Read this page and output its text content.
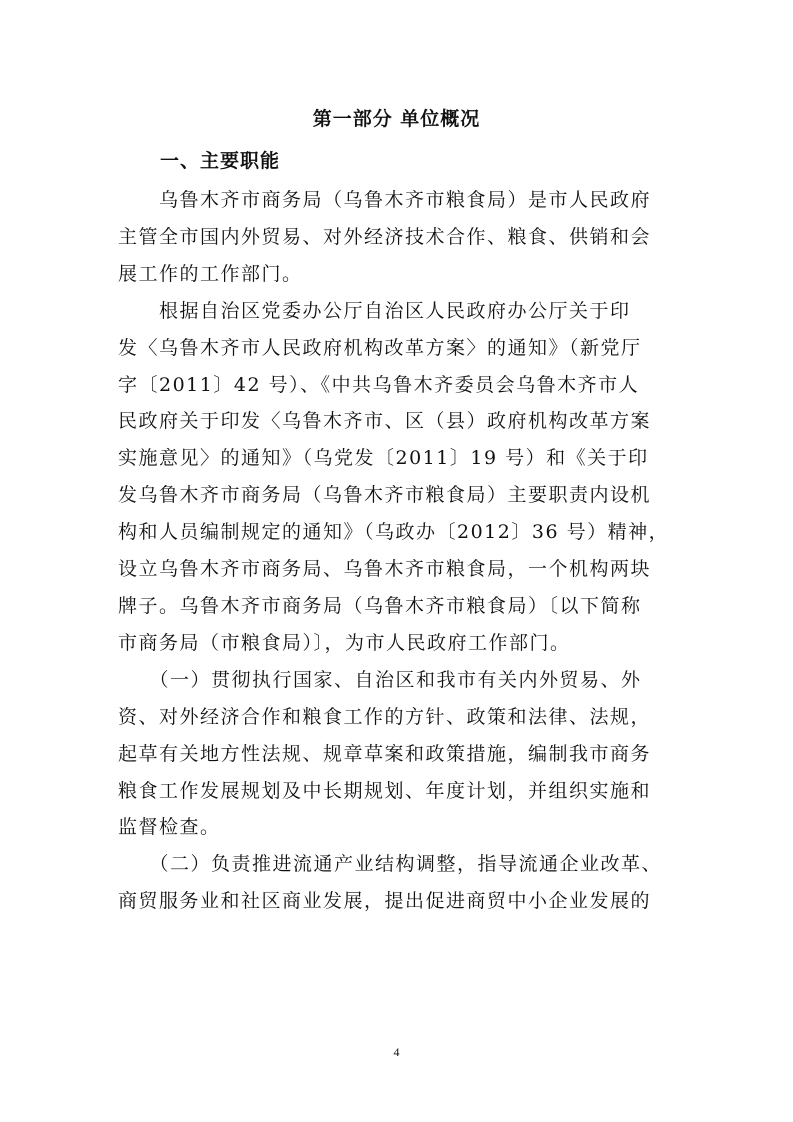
第一部分 单位概况
一、主要职能
　　乌鲁木齐市商务局（乌鲁木齐市粮食局）是市人民政府
主管全市国内外贸易、对外经济技术合作、粮食、供销和会
展工作的工作部门。
　　根据自治区党委办公厅自治区人民政府办公厅关于印
发〈乌鲁木齐市人民政府机构改革方案〉的通知》（新党厅
字〔2011〕42 号）、《中共乌鲁木齐委员会乌鲁木齐市人
民政府关于印发〈乌鲁木齐市、区（县）政府机构改革方案
实施意见〉的通知》（乌党发〔2011〕19 号）和《关于印
发乌鲁木齐市商务局（乌鲁木齐市粮食局）主要职责内设机
构和人员编制规定的通知》（乌政办〔2012〕36 号）精神，
设立乌鲁木齐市商务局、乌鲁木齐市粮食局，一个机构两块
牌子。乌鲁木齐市商务局（乌鲁木齐市粮食局）〔以下简称
市商务局（市粮食局）〕，为市人民政府工作部门。
　　（一）贯彻执行国家、自治区和我市有关内外贸易、外
资、对外经济合作和粮食工作的方针、政策和法律、法规，
起草有关地方性法规、规章草案和政策措施，编制我市商务
粮食工作发展规划及中长期规划、年度计划，并组织实施和
监督检查。
　　（二）负责推进流通产业结构调整，指导流通企业改革、
商贸服务业和社区商业发展，提出促进商贸中小企业发展的
4
